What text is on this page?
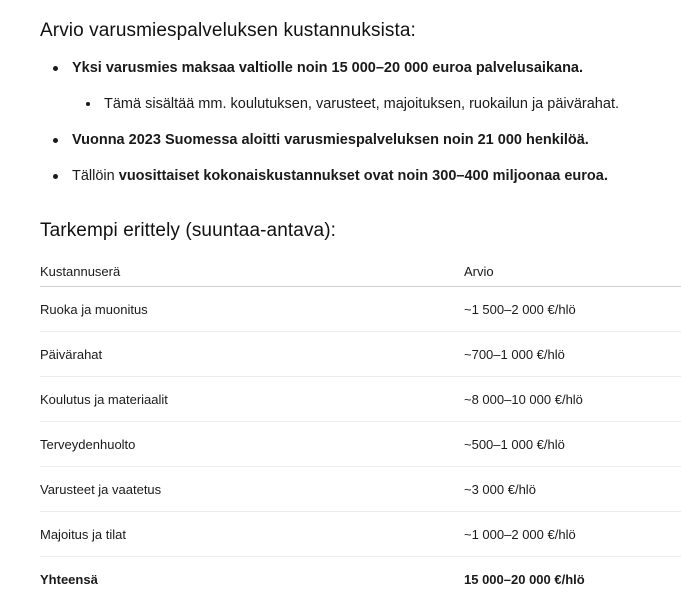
Arvio varusmiespalveluksen kustannuksista:
Yksi varusmies maksaa valtiolle noin 15 000–20 000 euroa palvelusaikana.
Tämä sisältää mm. koulutuksen, varusteet, majoituksen, ruokailun ja päivärahat.
Vuonna 2023 Suomessa aloitti varusmiespalveluksen noin 21 000 henkilöä.
Tällöin vuosittaiset kokonaiskustannukset ovat noin 300–400 miljoonaa euroa.
Tarkempi erittely (suuntaa-antava):
Kustannuserä	Arvio
Ruoka ja muonitus	~1 500–2 000 €/hlö
Päivärahat	~700–1 000 €/hlö
Koulutus ja materiaalit	~8 000–10 000 €/hlö
Terveydenhuolto	~500–1 000 €/hlö
Varusteet ja vaatetus	~3 000 €/hlö
Majoitus ja tilat	~1 000–2 000 €/hlö
Yhteensä	15 000–20 000 €/hlö
